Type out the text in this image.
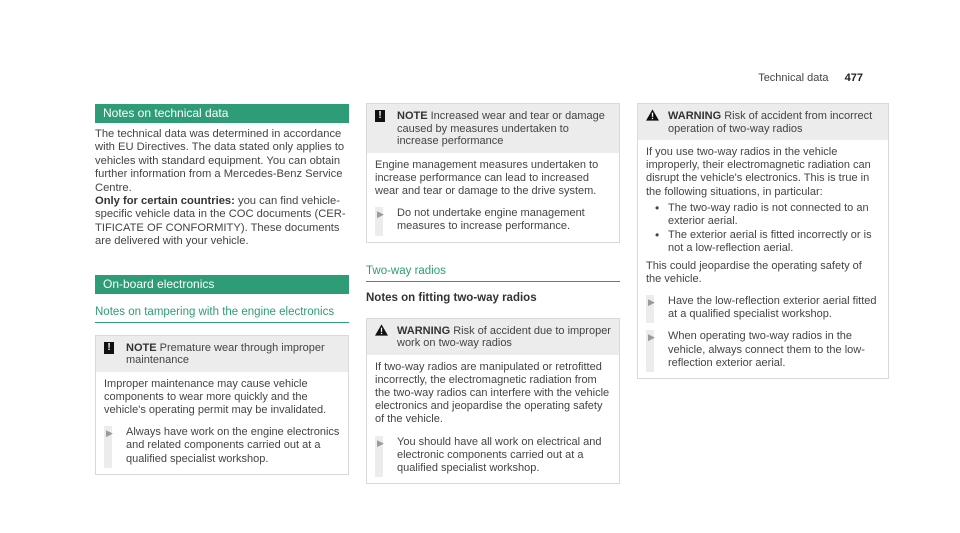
Technical data 477
Notes on technical data
The technical data was determined in accordance with EU Directives. The data stated only applies to vehicles with standard equipment. You can obtain further information from a Mercedes-Benz Service Centre.
Only for certain countries: you can find vehicle-specific vehicle data in the COC documents (CER-TIFICATE OF CONFORMITY). These documents are delivered with your vehicle.
On-board electronics
Notes on tampering with the engine electronics
!	NOTE Premature wear through improper maintenance
Improper maintenance may cause vehicle components to wear more quickly and the vehicle's operating permit may be invalidated.
▶	Always have work on the engine electronics and related components carried out at a qualified specialist workshop.
!	NOTE Increased wear and tear or damage caused by measures undertaken to increase performance
Engine management measures undertaken to increase performance can lead to increased wear and tear or damage to the drive system.
▶	Do not undertake engine management measures to increase performance.
Two-way radios
Notes on fitting two-way radios
WARNING Risk of accident due to improper work on two-way radios
If two-way radios are manipulated or retrofitted incorrectly, the electromagnetic radiation from the two-way radios can interfere with the vehicle electronics and jeopardise the operating safety of the vehicle.
▶	You should have all work on electrical and electronic components carried out at a qualified specialist workshop.
WARNING Risk of accident from incorrect operation of two-way radios
If you use two-way radios in the vehicle improperly, their electromagnetic radiation can disrupt the vehicle's electronics. This is true in the following situations, in particular:
• The two-way radio is not connected to an exterior aerial.
• The exterior aerial is fitted incorrectly or is not a low-reflection aerial.
This could jeopardise the operating safety of the vehicle.
▶	Have the low-reflection exterior aerial fitted at a qualified specialist workshop.
▶	When operating two-way radios in the vehicle, always connect them to the low-reflection exterior aerial.
